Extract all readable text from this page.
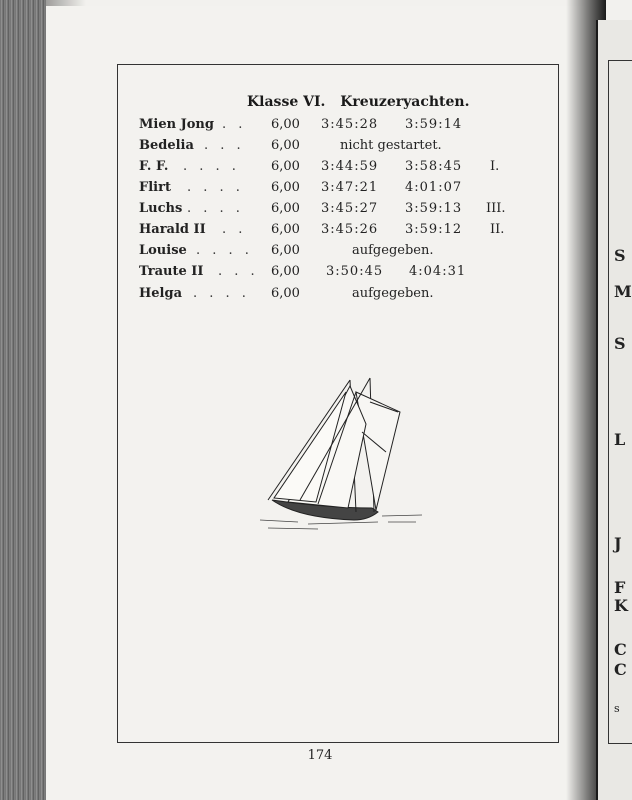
S
M
S
L
J
F
K
C
C
s
Klasse VI. Kreuzeryachten.
Mien Jong . . 6,00 3:45:28 3:59:14
Bedelia . . . 6,00	nicht gestartet.
F. F. . . . . 6,00 3:44:59 3:58:45 I.
Flirt . . . . 6,00 3:47:21 4:01:07
Luchs . . . . 6,00 3:45:27 3:59:13 III.
Harald II . . 6,00 3:45:26 3:59:12 II.
Louise . . . . 6,00	aufgegeben.
Traute II . . . 6,00 3:50:45 4:04:31
Helga . . . . 6,00	aufgegeben.
174
